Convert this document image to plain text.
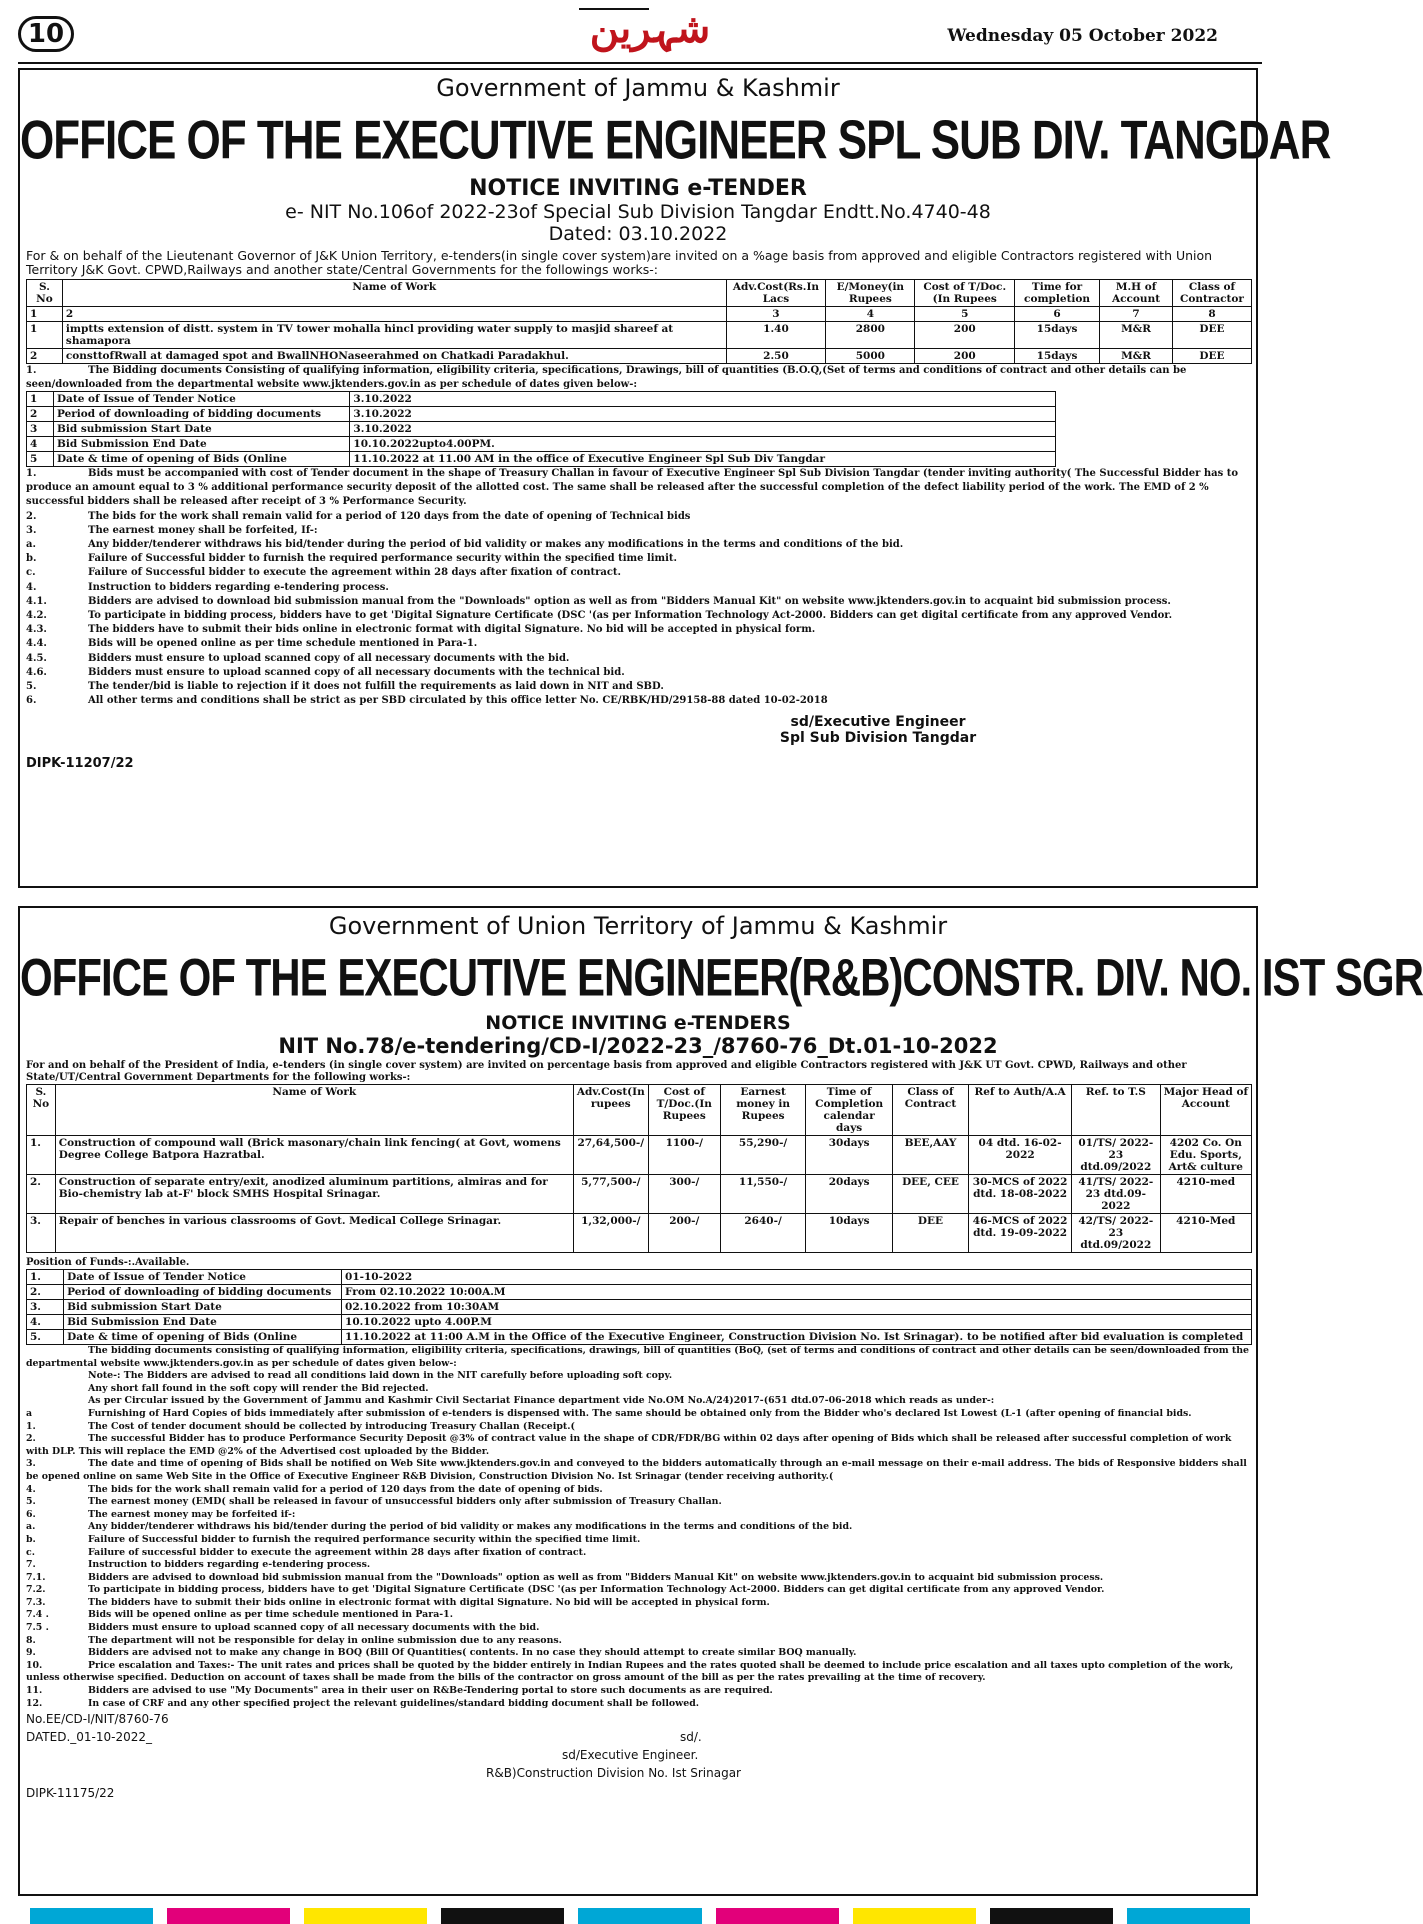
10	شہرین	Wednesday 05 October 2022
Government of Jammu & Kashmir
OFFICE OF THE EXECUTIVE ENGINEER SPL SUB DIV. TANGDAR
NOTICE INVITING e-TENDER
e- NIT No.106of 2022-23of Special Sub Division Tangdar Endtt.No.4740-48
Dated: 03.10.2022
For & on behalf of the Lieutenant Governor of J&K Union Territory, e-tenders(in single cover system)are invited on a %age basis from approved and eligible Contractors registered with Union Territory J&K Govt. CPWD,Railways and another state/Central Governments for the followings works-:
S. No	Name of Work	Adv.Cost(Rs.In Lacs	E/Money(in Rupees	Cost of T/Doc.(In Rupees	Time for completion	M.H of Account	Class of Contractor
1	2	3	4	5	6	7	8
1	imptts extension of distt. system in TV tower mohalla hincl providing water supply to masjid shareef at shamapora	1.40	2800	200	15days	M&R	DEE
2	consttofRwall at damaged spot and BwallNHONaseerahmed on Chatkadi Paradakhul.	2.50	5000	200	15days	M&R	DEE
1.	The Bidding documents Consisting of qualifying information, eligibility criteria, specifications, Drawings, bill of quantities (B.O.Q,(Set of terms and conditions of contract and other details can be seen/downloaded from the departmental website www.jktenders.gov.in as per schedule of dates given below-:
1	Date of Issue of Tender Notice	3.10.2022
2	Period of downloading of bidding documents	3.10.2022
3	Bid submission Start Date	3.10.2022
4	Bid Submission End Date	10.10.2022upto4.00PM.
5	Date & time of opening of Bids (Online	11.10.2022 at 11.00 AM in the office of Executive Engineer Spl Sub Div Tangdar
1.	Bids must be accompanied with cost of Tender document in the shape of Treasury Challan in favour of Executive Engineer Spl Sub Division Tangdar (tender inviting authority( The Successful Bidder has to produce an amount equal to 3 % additional performance security deposit of the allotted cost. The same shall be released after the successful completion of the defect liability period of the work. The EMD of 2 % successful bidders shall be released after receipt of 3 % Performance Security.
2.	The bids for the work shall remain valid for a period of 120 days from the date of opening of Technical bids
3.	The earnest money shall be forfeited, If-:
a.	Any bidder/tenderer withdraws his bid/tender during the period of bid validity or makes any modifications in the terms and conditions of the bid.
b.	Failure of Successful bidder to furnish the required performance security within the specified time limit.
c.	Failure of Successful bidder to execute the agreement within 28 days after fixation of contract.
4.	Instruction to bidders regarding e-tendering process.
4.1.	Bidders are advised to download bid submission manual from the "Downloads" option as well as from "Bidders Manual Kit" on website www.jktenders.gov.in to acquaint bid submission process.
4.2.	To participate in bidding process, bidders have to get 'Digital Signature Certificate (DSC '(as per Information Technology Act-2000. Bidders can get digital certificate from any approved Vendor.
4.3.	The bidders have to submit their bids online in electronic format with digital Signature. No bid will be accepted in physical form.
4.4.	Bids will be opened online as per time schedule mentioned in Para-1.
4.5.	Bidders must ensure to upload scanned copy of all necessary documents with the bid.
4.6.	Bidders must ensure to upload scanned copy of all necessary documents with the technical bid.
5.	The tender/bid is liable to rejection if it does not fulfill the requirements as laid down in NIT and SBD.
6.	All other terms and conditions shall be strict as per SBD circulated by this office letter No. CE/RBK/HD/29158-88 dated 10-02-2018
sd/Executive Engineer
Spl Sub Division Tangdar
DIPK-11207/22
Government of Union Territory of Jammu & Kashmir
OFFICE OF THE EXECUTIVE ENGINEER(R&B)CONSTR. DIV. NO. IST SGR
NOTICE INVITING e-TENDERS
NIT No.78/e-tendering/CD-I/2022-23_/8760-76_Dt.01-10-2022
For and on behalf of the President of India, e-tenders (in single cover system) are invited on percentage basis from approved and eligible Contractors registered with J&K UT Govt. CPWD, Railways and other State/UT/Central Government Departments for the following works-:
S. No	Name of Work	Adv.Cost(In rupees	Cost of T/Doc.(In Rupees	Earnest money in Rupees	Time of Completion calendar days	Class of Contract	Ref to Auth/A.A	Ref. to T.S	Major Head of Account
1.	Construction of compound wall (Brick masonary/chain link fencing( at Govt, womens Degree College Batpora Hazratbal.	27,64,500-/	1100-/	55,290-/	30days	BEE,AAY	04 dtd. 16-02-2022	01/TS/ 2022-23 dtd.09/2022	4202 Co. On Edu. Sports, Art& culture
2.	Construction of separate entry/exit, anodized aluminum partitions, almiras and for Bio-chemistry lab at-F' block SMHS Hospital Srinagar.	5,77,500-/	300-/	11,550-/	20days	DEE, CEE	30-MCS of 2022 dtd. 18-08-2022	41/TS/ 2022-23 dtd.09-2022	4210-med
3.	Repair of benches in various classrooms of Govt. Medical College Srinagar.	1,32,000-/	200-/	2640-/	10days	DEE	46-MCS of 2022 dtd. 19-09-2022	42/TS/ 2022-23 dtd.09/2022	4210-Med
Position of Funds-:.Available.
1.	Date of Issue of Tender Notice	01-10-2022
2.	Period of downloading of bidding documents	From 02.10.2022 10:00A.M
3.	Bid submission Start Date	02.10.2022 from 10:30AM
4.	Bid Submission End Date	10.10.2022 upto 4.00P.M
5.	Date & time of opening of Bids (Online	11.10.2022 at 11:00 A.M in the Office of the Executive Engineer, Construction Division No. Ist Srinagar). to be notified after bid evaluation is completed
The bidding documents consisting of qualifying information, eligibility criteria, specifications, drawings, bill of quantities (BoQ, (set of terms and conditions of contract and other details can be seen/downloaded from the departmental website www.jktenders.gov.in as per schedule of dates given below-:
Note-: The Bidders are advised to read all conditions laid down in the NIT carefully before uploading soft copy.
Any short fall found in the soft copy will render the Bid rejected.
As per Circular issued by the Government of Jammu and Kashmir Civil Sectariat Finance department vide No.OM No.A/24)2017-(651 dtd.07-06-2018 which reads as under-:
a	Furnishing of Hard Copies of bids immediately after submission of e-tenders is dispensed with. The same should be obtained only from the Bidder who's declared Ist Lowest (L-1 (after opening of financial bids.
1.	The Cost of tender document should be collected by introducing Treasury Challan (Receipt.(
2.	The successful Bidder has to produce Performance Security Deposit @3% of contract value in the shape of CDR/FDR/BG within 02 days after opening of Bids which shall be released after successful completion of work with DLP. This will replace the EMD @2% of the Advertised cost uploaded by the Bidder.
3.	The date and time of opening of Bids shall be notified on Web Site www.jktenders.gov.in and conveyed to the bidders automatically through an e-mail message on their e-mail address. The bids of Responsive bidders shall be opened online on same Web Site in the Office of Executive Engineer R&B Division, Construction Division No. Ist Srinagar (tender receiving authority.(
4.	The bids for the work shall remain valid for a period of 120 days from the date of opening of bids.
5.	The earnest money (EMD( shall be released in favour of unsuccessful bidders only after submission of Treasury Challan.
6.	The earnest money may be forfeited if-:
a.	Any bidder/tenderer withdraws his bid/tender during the period of bid validity or makes any modifications in the terms and conditions of the bid.
b.	Failure of Successful bidder to furnish the required performance security within the specified time limit.
c.	Failure of successful bidder to execute the agreement within 28 days after fixation of contract.
7.	Instruction to bidders regarding e-tendering process.
7.1.	Bidders are advised to download bid submission manual from the "Downloads" option as well as from "Bidders Manual Kit" on website www.jktenders.gov.in to acquaint bid submission process.
7.2.	To participate in bidding process, bidders have to get 'Digital Signature Certificate (DSC '(as per Information Technology Act-2000. Bidders can get digital certificate from any approved Vendor.
7.3.	The bidders have to submit their bids online in electronic format with digital Signature. No bid will be accepted in physical form.
7.4 .	Bids will be opened online as per time schedule mentioned in Para-1.
7.5 .	Bidders must ensure to upload scanned copy of all necessary documents with the bid.
8.	The department will not be responsible for delay in online submission due to any reasons.
9.	Bidders are advised not to make any change in BOQ (Bill Of Quantities( contents. In no case they should attempt to create similar BOQ manually.
10.	Price escalation and Taxes:- The unit rates and prices shall be quoted by the bidder entirely in Indian Rupees and the rates quoted shall be deemed to include price escalation and all taxes upto completion of the work, unless otherwise specified. Deduction on account of taxes shall be made from the bills of the contractor on gross amount of the bill as per the rates prevailing at the time of recovery.
11.	Bidders are advised to use "My Documents" area in their user on R&Be-Tendering portal to store such documents as are required.
12.	In case of CRF and any other specified project the relevant guidelines/standard bidding document shall be followed.
No.EE/CD-I/NIT/8760-76
DATED._01-10-2022_	sd/.
sd/Executive Engineer.
R&B)Construction Division No. Ist Srinagar
DIPK-11175/22
